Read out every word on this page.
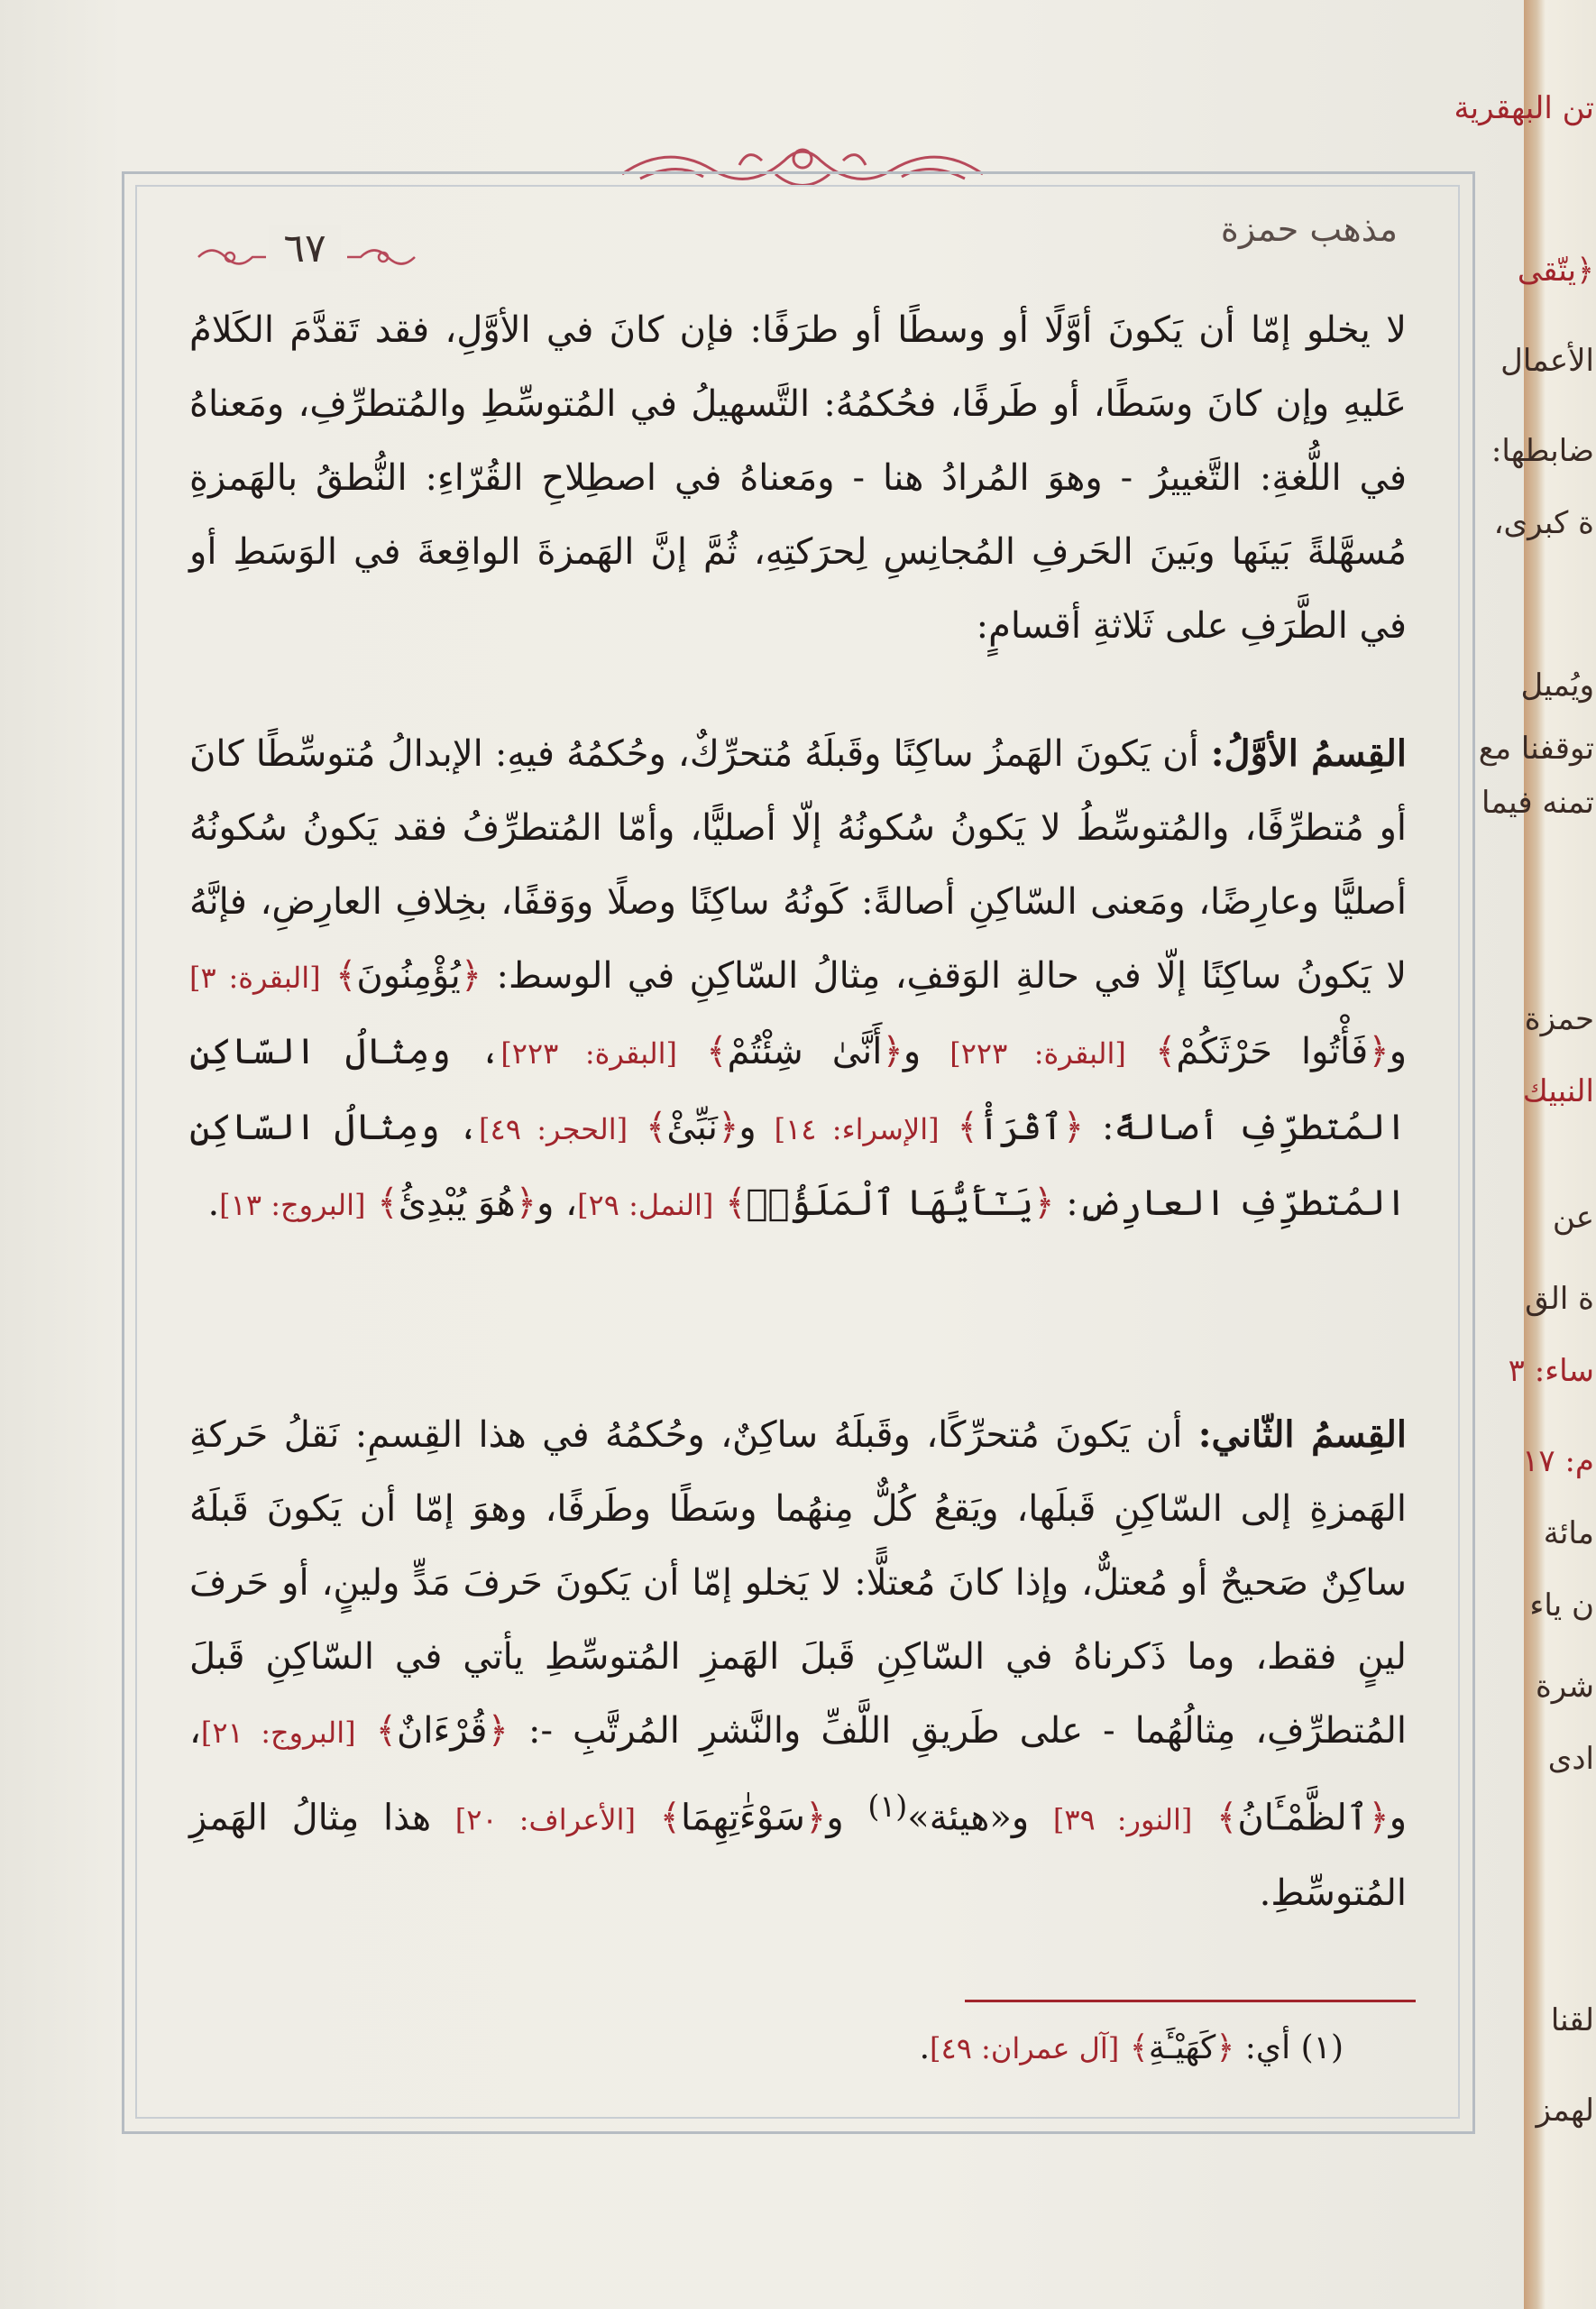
٦٧	مذهب حمزة
لا يخلو إمّا أن يَكونَ أوَّلًا أو وسطًا أو طرَفًا: فإن كانَ في الأوَّلِ، فقد تَقدَّمَ الكَلامُ عَليهِ وإن كانَ وسَطًا، أو طَرفًا، فحُكمُهُ: التَّسهيلُ في المُتوسِّطِ والمُتطرِّفِ، ومَعناهُ في اللُّغةِ: التَّغييرُ - وهوَ المُرادُ هنا - ومَعناهُ في اصطِلاحِ القُرّاءِ: النُّطقُ بالهَمزةِ مُسهَّلةً بَينَها وبَينَ الحَرفِ المُجانِسِ لِحرَكتِهِ، ثُمَّ إنَّ الهَمزةَ الواقِعةَ في الوَسَطِ أو في الطَّرَفِ على ثَلاثةِ أقسامٍ:
القِسمُ الأوَّلُ: أن يَكونَ الهَمزُ ساكِنًا وقَبلَهُ مُتحرِّكٌ، وحُكمُهُ فيهِ: الإبدالُ مُتوسِّطًا كانَ أو مُتطرِّفًا، والمُتوسِّطُ لا يَكونُ سُكونُهُ إلّا أصليًّا، وأمّا المُتطرِّفُ فقد يَكونُ سُكونُهُ أصليًّا وعارِضًا، ومَعنى السّاكِنِ أصالةً: كَونُهُ ساكِنًا وصلًا ووَقفًا، بخِلافِ العارِضِ، فإنَّهُ لا يَكونُ ساكِنًا إلّا في حالةِ الوَقفِ، مِثالُ السّاكِنِ في الوسط: ﴿يُؤْمِنُونَ﴾ [البقرة: ٣] و﴿فَأْتُوا حَرْثَكُمْ﴾ [البقرة: ٢٢٣] و﴿أَنَّىٰ شِئْتُمْ﴾ [البقرة: ٢٢٣]، ومِثالُ السّاكِنِ المُتطرِّفِ أصالةً: ﴿ٱقْرَأْ﴾ [الإسراء: ١٤] و﴿نَبِّئْ﴾ [الحجر: ٤٩]، ومِثالُ السّاكِنِ المُتطرِّفِ العارِضِ: ﴿يَـٰٓأَيُّهَا ٱلْمَلَؤُا۟﴾ [النمل: ٢٩]، و﴿هُوَ يُبْدِئُ﴾ [البروج: ١٣].
القِسمُ الثّاني: أن يَكونَ مُتحرِّكًا، وقَبلَهُ ساكِنٌ، وحُكمُهُ في هذا القِسمِ: نَقلُ حَركةِ الهَمزةِ إلى السّاكِنِ قَبلَها، ويَقعُ كُلٌّ مِنهُما وسَطًا وطَرفًا، وهوَ إمّا أن يَكونَ قَبلَهُ ساكِنٌ صَحيحٌ أو مُعتلٌّ، وإذا كانَ مُعتلًّا: لا يَخلو إمّا أن يَكونَ حَرفَ مَدٍّ ولينٍ، أو حَرفَ لينٍ فقط، وما ذَكرناهُ في السّاكِنِ قَبلَ الهَمزِ المُتوسِّطِ يأتي في السّاكِنِ قَبلَ المُتطرِّفِ، مِثالُهُما - على طَريقِ اللَّفِّ والنَّشرِ المُرتَّبِ -: ﴿قُرْءَانٌ﴾ [البروج: ٢١]، و﴿ٱلظَّمْـَٔانُ﴾ [النور: ٣٩] و«هيئة»$^{(١)}$ و﴿سَوْءَٰتِهِمَا﴾ [الأعراف: ٢٠] هذا مِثالُ الهَمزِ المُتوسِّطِ.
(١) أي: ﴿كَهَيْـَٔةِ﴾ [آل عمران: ٤٩].
تن البهقرية
﴿يتّقى
الأعمال
ضابطها:
ة كبرى،
ويُميل
توقفنا مع
تمنه فيما
حمزة
النبيك
عن
ة الق
ساء: ٣
م: ١٧
مائة
ن ياء
شرة
ادى
لقنا
لهمز
